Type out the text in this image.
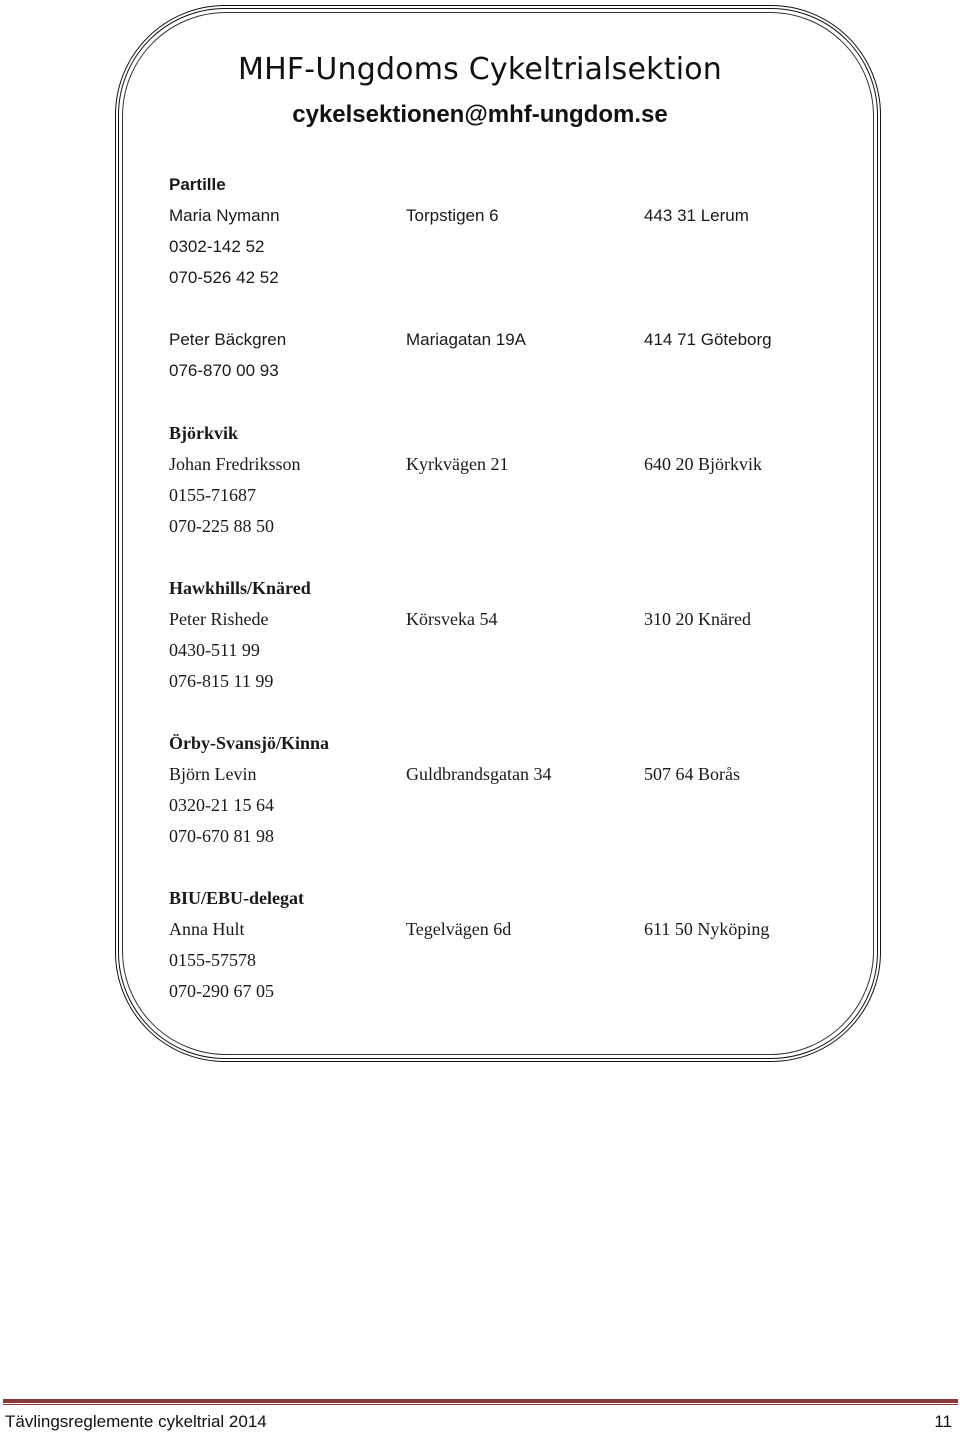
MHF-Ungdoms Cykeltrialsektion
cykelsektionen@mhf-ungdom.se
Partille
Maria Nymann	Torpstigen 6	443 31 Lerum
0302-142 52
070-526 42 52
Peter Bäckgren	Mariagatan 19A	414 71 Göteborg
076-870 00 93
Björkvik
Johan Fredriksson	Kyrkvägen 21	640 20 Björkvik
0155-71687
070-225 88 50
Hawkhills/Knäred
Peter Rishede	Körsveka 54	310 20 Knäred
0430-511 99
076-815 11 99
Örby-Svansjö/Kinna
Björn Levin	Guldbrandsgatan 34	507 64 Borås
0320-21 15 64
070-670 81 98
BIU/EBU-delegat
Anna Hult	Tegelvägen 6d	611 50 Nyköping
0155-57578
070-290 67 05
Tävlingsreglemente cykeltrial 2014	11
